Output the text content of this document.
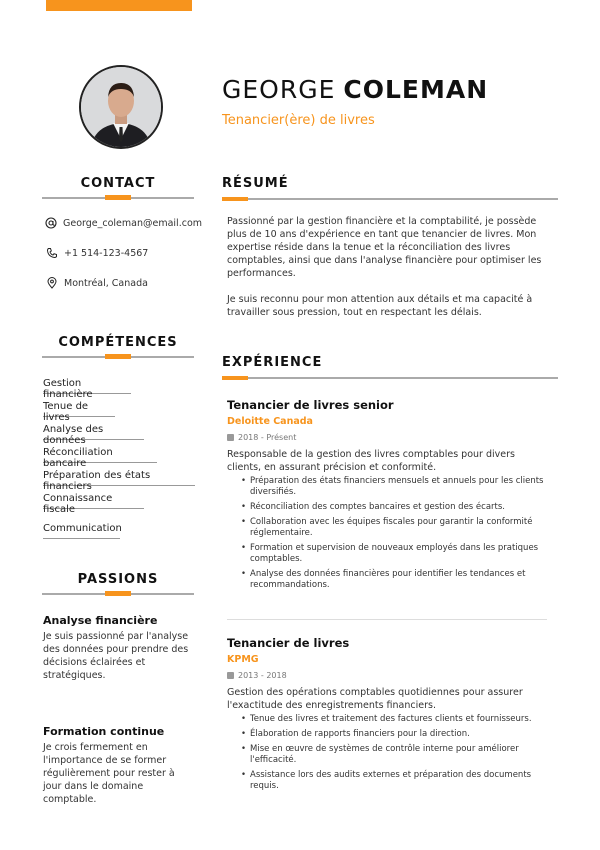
GEORGE COLEMAN
Tenancier(ère) de livres
CONTACT
George_coleman@email.com
+1 514-123-4567
Montréal, Canada
COMPÉTENCES
Gestion financière
Tenue de livres
Analyse des données
Réconciliation bancaire
Préparation des états financiers
Connaissance fiscale
Communication
PASSIONS
Analyse financière
Je suis passionné par l'analyse des données pour prendre des décisions éclairées et stratégiques.
Formation continue
Je crois fermement en l'importance de se former régulièrement pour rester à jour dans le domaine comptable.
RÉSUMÉ
Passionné par la gestion financière et la comptabilité, je possède plus de 10 ans d'expérience en tant que tenancier de livres. Mon expertise réside dans la tenue et la réconciliation des livres comptables, ainsi que dans l'analyse financière pour optimiser les performances.
Je suis reconnu pour mon attention aux détails et ma capacité à travailler sous pression, tout en respectant les délais.
EXPÉRIENCE
Tenancier de livres senior
Deloitte Canada
2018 - Présent
Responsable de la gestion des livres comptables pour divers clients, en assurant précision et conformité.
• Préparation des états financiers mensuels et annuels pour les clients diversifiés.
• Réconciliation des comptes bancaires et gestion des écarts.
• Collaboration avec les équipes fiscales pour garantir la conformité réglementaire.
• Formation et supervision de nouveaux employés dans les pratiques comptables.
• Analyse des données financières pour identifier les tendances et recommandations.
Tenancier de livres
KPMG
2013 - 2018
Gestion des opérations comptables quotidiennes pour assurer l'exactitude des enregistrements financiers.
• Tenue des livres et traitement des factures clients et fournisseurs.
• Élaboration de rapports financiers pour la direction.
• Mise en œuvre de systèmes de contrôle interne pour améliorer l'efficacité.
• Assistance lors des audits externes et préparation des documents requis.
